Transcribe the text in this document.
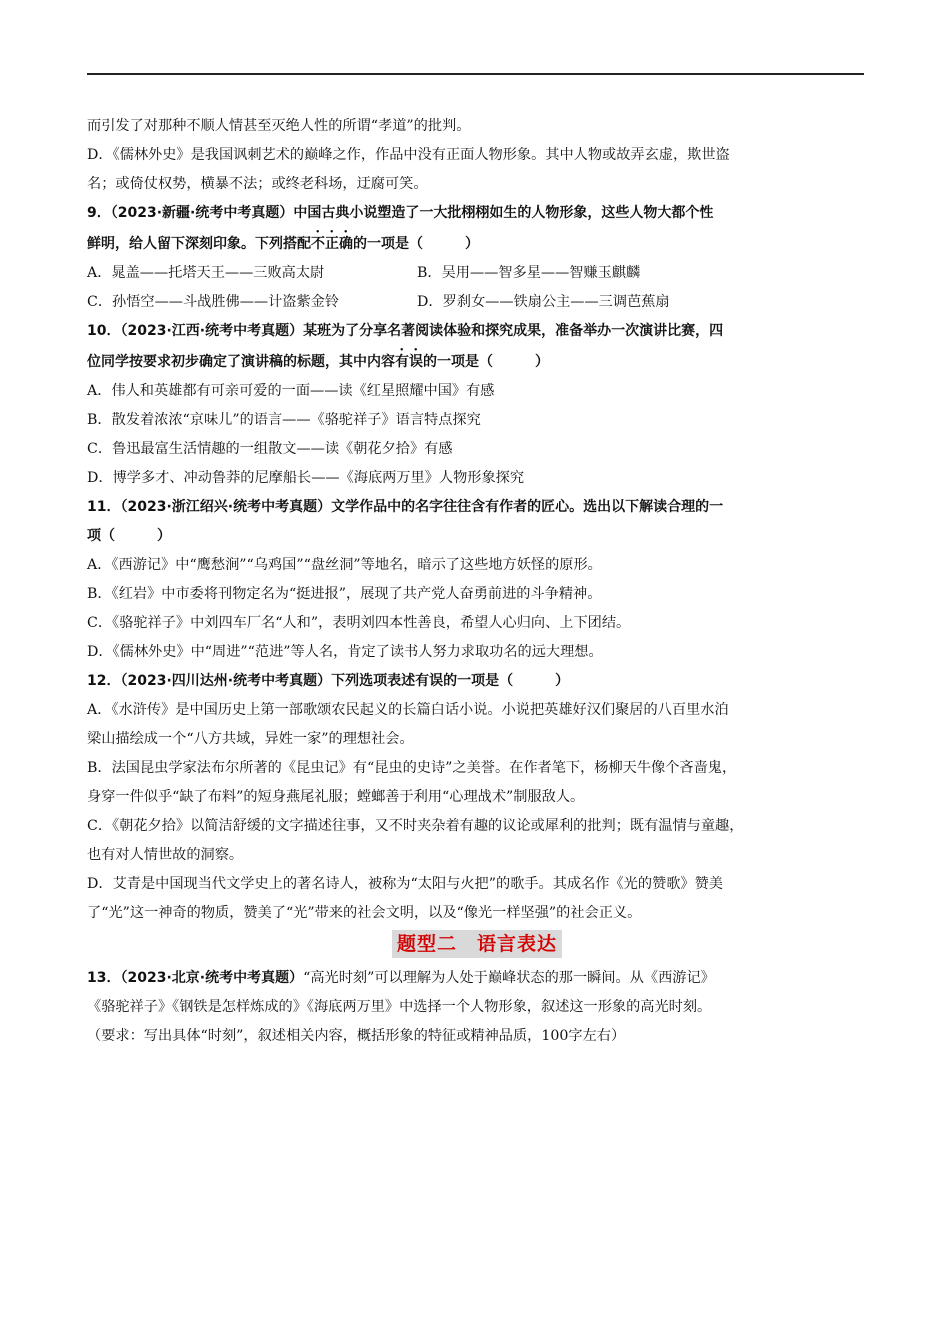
而引发了对那种不顺人情甚至灭绝人性的所谓“孝道”的批判。
D．《儒林外史》是我国讽刺艺术的巅峰之作，作品中没有正面人物形象。其中人物或故弄玄虚，欺世盗
名；或倚仗权势，横暴不法；或终老科场，迂腐可笑。
9．（2023·新疆·统考中考真题）中国古典小说塑造了一大批栩栩如生的人物形象，这些人物大都个性
鲜明，给人留下深刻印象。下列搭配不正确的一项是（　　　）
A．晁盖——托塔天王——三败高太尉	B．吴用——智多星——智赚玉麒麟
C．孙悟空——斗战胜佛——计盗紫金铃	D．罗刹女——铁扇公主——三调芭蕉扇
10．（2023·江西·统考中考真题）某班为了分享名著阅读体验和探究成果，准备举办一次演讲比赛，四
位同学按要求初步确定了演讲稿的标题，其中内容有误的一项是（　　　）
A．伟人和英雄都有可亲可爱的一面——读《红星照耀中国》有感
B．散发着浓浓“京味儿”的语言——《骆驼祥子》语言特点探究
C．鲁迅最富生活情趣的一组散文——读《朝花夕拾》有感
D．博学多才、冲动鲁莽的尼摩船长——《海底两万里》人物形象探究
11．（2023·浙江绍兴·统考中考真题）文学作品中的名字往往含有作者的匠心。选出以下解读合理的一
项（　　　）
A．《西游记》中“鹰愁涧”“乌鸡国”“盘丝洞”等地名，暗示了这些地方妖怪的原形。
B．《红岩》中市委将刊物定名为“挺进报”，展现了共产党人奋勇前进的斗争精神。
C．《骆驼祥子》中刘四车厂名“人和”，表明刘四本性善良，希望人心归向、上下团结。
D．《儒林外史》中“周进”“范进”等人名，肯定了读书人努力求取功名的远大理想。
12．（2023·四川达州·统考中考真题）下列选项表述有误的一项是（　　　）
A．《水浒传》是中国历史上第一部歌颂农民起义的长篇白话小说。小说把英雄好汉们聚居的八百里水泊
梁山描绘成一个“八方共域，异姓一家”的理想社会。
B．法国昆虫学家法布尔所著的《昆虫记》有“昆虫的史诗”之美誉。在作者笔下，杨柳天牛像个吝啬鬼，
身穿一件似乎“缺了布料”的短身燕尾礼服；螳螂善于利用“心理战术”制服敌人。
C．《朝花夕拾》以简洁舒缓的文字描述往事，又不时夹杂着有趣的议论或犀利的批判；既有温情与童趣，
也有对人情世故的洞察。
D．艾青是中国现当代文学史上的著名诗人，被称为“太阳与火把”的歌手。其成名作《光的赞歌》赞美
了“光”这一神奇的物质，赞美了“光”带来的社会文明，以及“像光一样坚强”的社会正义。
题型二　语言表达
13．（2023·北京·统考中考真题）“高光时刻”可以理解为人处于巅峰状态的那一瞬间。从《西游记》
《骆驼祥子》《钢铁是怎样炼成的》《海底两万里》中选择一个人物形象，叙述这一形象的高光时刻。
（要求：写出具体“时刻”，叙述相关内容，概括形象的特征或精神品质，100字左右）
